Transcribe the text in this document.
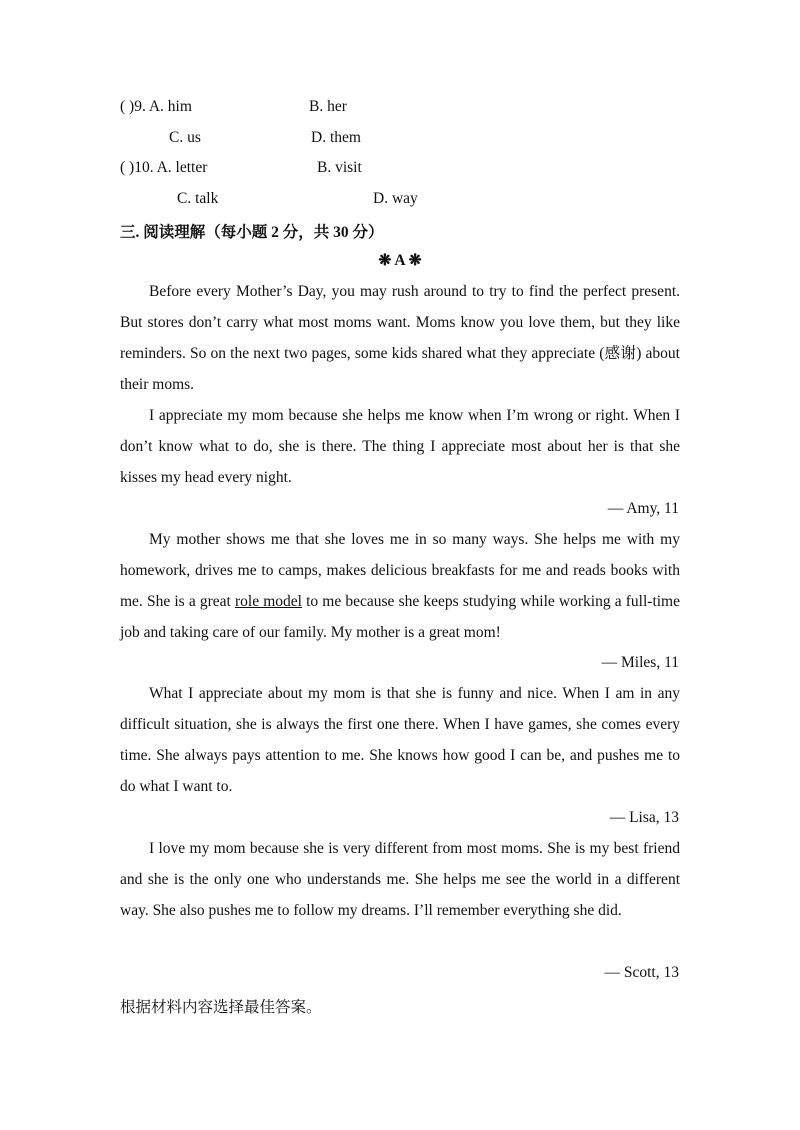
( )9. A. him	B. her
C. us	D. them
( )10. A. letter	B. visit
C. talk	D. way
三. 阅读理解（每小题 2 分，共 30 分）
❋ A ❋
Before every Mother’s Day, you may rush around to try to find the perfect present. But stores don’t carry what most moms want. Moms know you love them, but they like reminders. So on the next two pages, some kids shared what they appreciate (感谢) about their moms.
I appreciate my mom because she helps me know when I’m wrong or right. When I don’t know what to do, she is there. The thing I appreciate most about her is that she kisses my head every night.
— Amy, 11
My mother shows me that she loves me in so many ways. She helps me with my homework, drives me to camps, makes delicious breakfasts for me and reads books with me. She is a great role model to me because she keeps studying while working a full-time job and taking care of our family. My mother is a great mom!
— Miles, 11
What I appreciate about my mom is that she is funny and nice. When I am in any difficult situation, she is always the first one there. When I have games, she comes every time. She always pays attention to me. She knows how good I can be, and pushes me to do what I want to.
— Lisa, 13
I love my mom because she is very different from most moms. She is my best friend and she is the only one who understands me. She helps me see the world in a different way. She also pushes me to follow my dreams. I’ll remember everything she did.
— Scott, 13
根据材料内容选择最佳答案。
